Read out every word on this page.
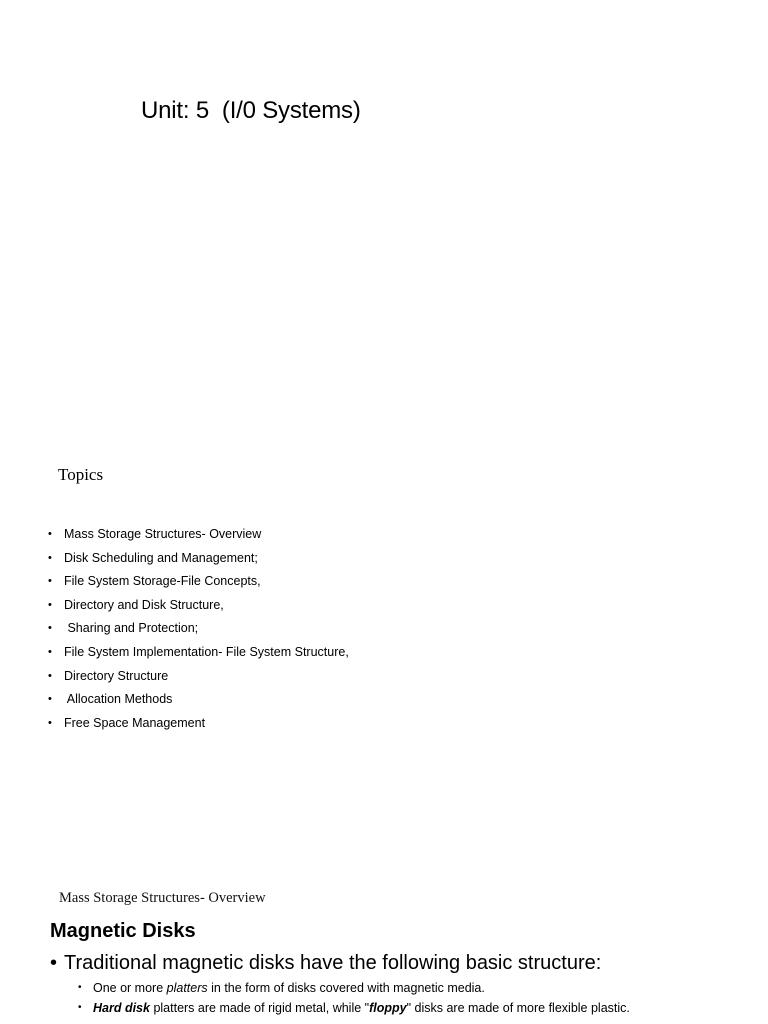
Unit: 5  (I/0 Systems)
Topics
• Mass Storage Structures- Overview
• Disk Scheduling and Management;
• File System Storage-File Concepts,
• Directory and Disk Structure,
• Sharing and Protection;
• File System Implementation- File System Structure,
• Directory Structure
• Allocation Methods
• Free Space Management
Mass Storage Structures- Overview
Magnetic Disks
• Traditional magnetic disks have the following basic structure:
• One or more platters in the form of disks covered with magnetic media.
• Hard disk platters are made of rigid metal, while "floppy" disks are made of more flexible plastic.
